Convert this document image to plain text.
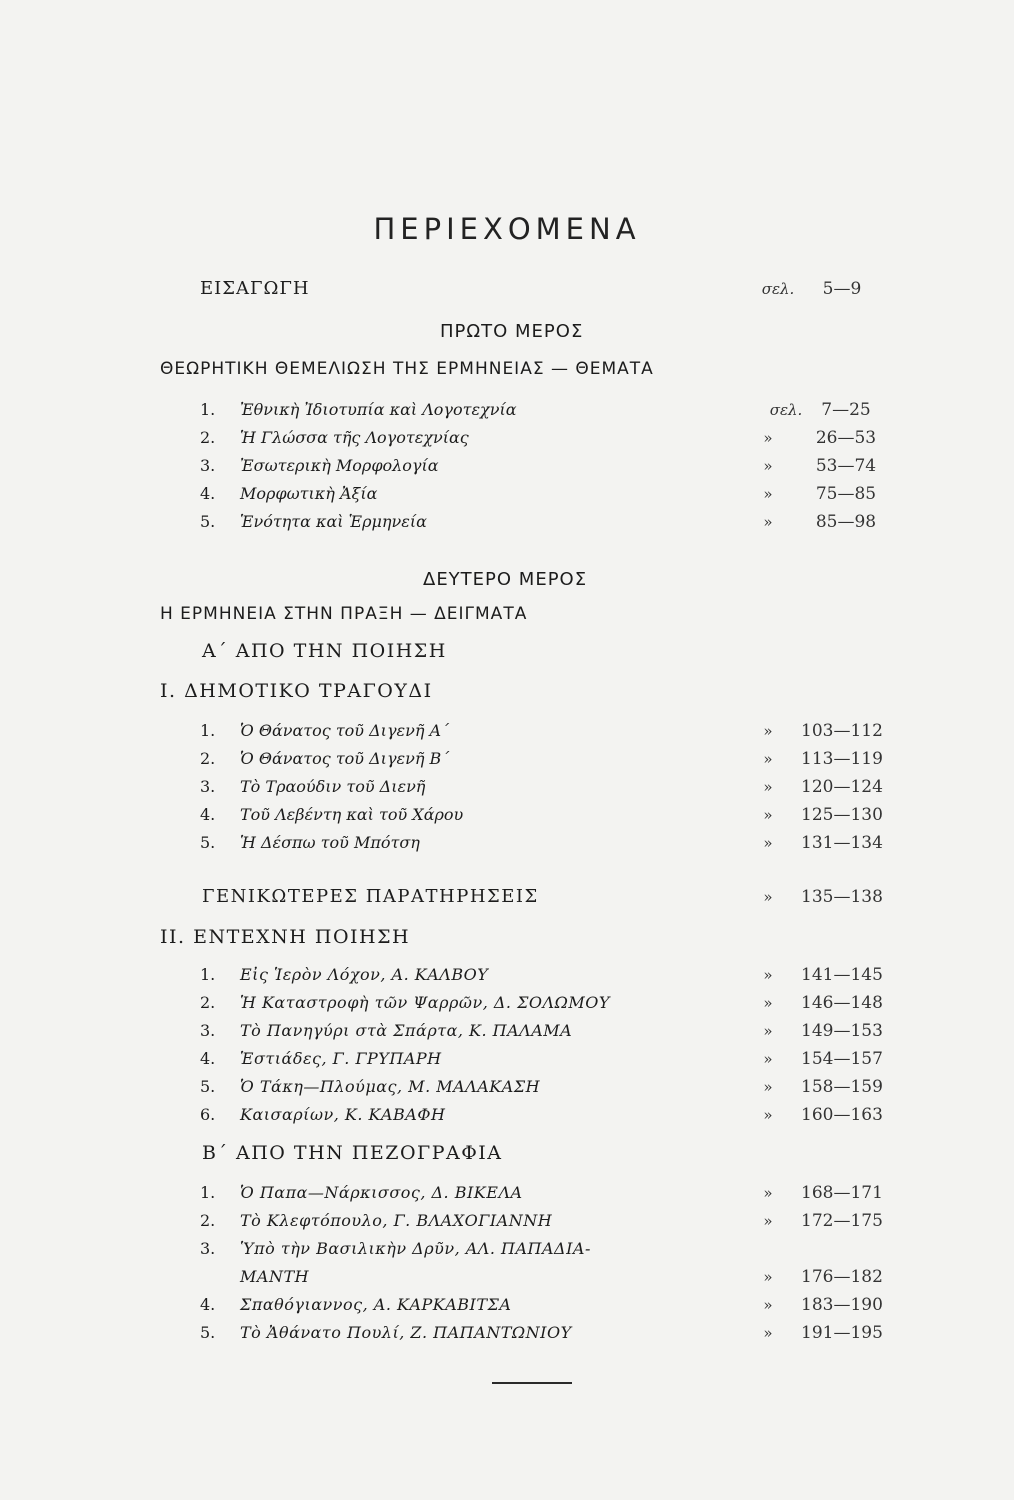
ΠΕΡΙΕΧΟΜΕΝΑ
ΕΙΣΑΓΩΓΗ	σελ.	5—9
ΠΡΩΤΟ ΜΕΡΟΣ
ΘΕΩΡΗΤΙΚΗ ΘΕΜΕΛΙΩΣΗ ΤΗΣ ΕΡΜΗΝΕΙΑΣ — ΘΕΜΑΤΑ
1.	Ἐθνικὴ Ἰδιοτυπία καὶ Λογοτεχνία	σελ.	7—25
2.	Ἡ Γλώσσα τῆς Λογοτεχνίας	»	26—53
3.	Ἐσωτερικὴ Μορφολογία	»	53—74
4.	Μορφωτικὴ Ἀξία	»	75—85
5.	Ἑνότητα καὶ Ἑρμηνεία	»	85—98
ΔΕΥΤΕΡΟ ΜΕΡΟΣ
Η ΕΡΜΗΝΕΙΑ ΣΤΗΝ ΠΡΑΞΗ — ΔΕΙΓΜΑΤΑ
Α΄ ΑΠΟ ΤΗΝ ΠΟΙΗΣΗ
Ι. ΔΗΜΟΤΙΚΟ ΤΡΑΓΟΥΔΙ
1.	Ὁ Θάνατος τοῦ Διγενῆ Α΄	»	103—112
2.	Ὁ Θάνατος τοῦ Διγενῆ Β΄	»	113—119
3.	Τὸ Τραούδιν τοῦ Διενῆ	»	120—124
4.	Τοῦ Λεβέντη καὶ τοῦ Χάρου	»	125—130
5.	Ἡ Δέσπω τοῦ Μπότση	»	131—134
ΓΕΝΙΚΩΤΕΡΕΣ ΠΑΡΑΤΗΡΗΣΕΙΣ	»	135—138
ΙΙ. ΕΝΤΕΧΝΗ ΠΟΙΗΣΗ
1.	Εἰς Ἱερὸν Λόχον, Α. ΚΑΛΒΟΥ	»	141—145
2.	Ἡ Καταστροφὴ τῶν Ψαρρῶν, Δ. ΣΟΛΩΜΟΥ	»	146—148
3.	Τὸ Πανηγύρι στὰ Σπάρτα, Κ. ΠΑΛΑΜΑ	»	149—153
4.	Ἑστιάδες, Γ. ΓΡΥΠΑΡΗ	»	154—157
5.	Ὁ Τάκη—Πλούμας, Μ. ΜΑΛΑΚΑΣΗ	»	158—159
6.	Καισαρίων, Κ. ΚΑΒΑΦΗ	»	160—163
Β΄ ΑΠΟ ΤΗΝ ΠΕΖΟΓΡΑΦΙΑ
1.	Ὁ Παπα—Νάρκισσος, Δ. ΒΙΚΕΛΑ	»	168—171
2.	Τὸ Κλεφτόπουλο, Γ. ΒΛΑΧΟΓΙΑΝΝΗ	»	172—175
3.	Ὑπὸ τὴν Βασιλικὴν Δρῦν, ΑΛ. ΠΑΠΑΔΙΑ-
ΜΑΝΤΗ	»	176—182
4.	Σπαθόγιαννος, Α. ΚΑΡΚΑΒΙΤΣΑ	»	183—190
5.	Τὸ Ἀθάνατο Πουλί, Ζ. ΠΑΠΑΝΤΩΝΙΟΥ	»	191—195
